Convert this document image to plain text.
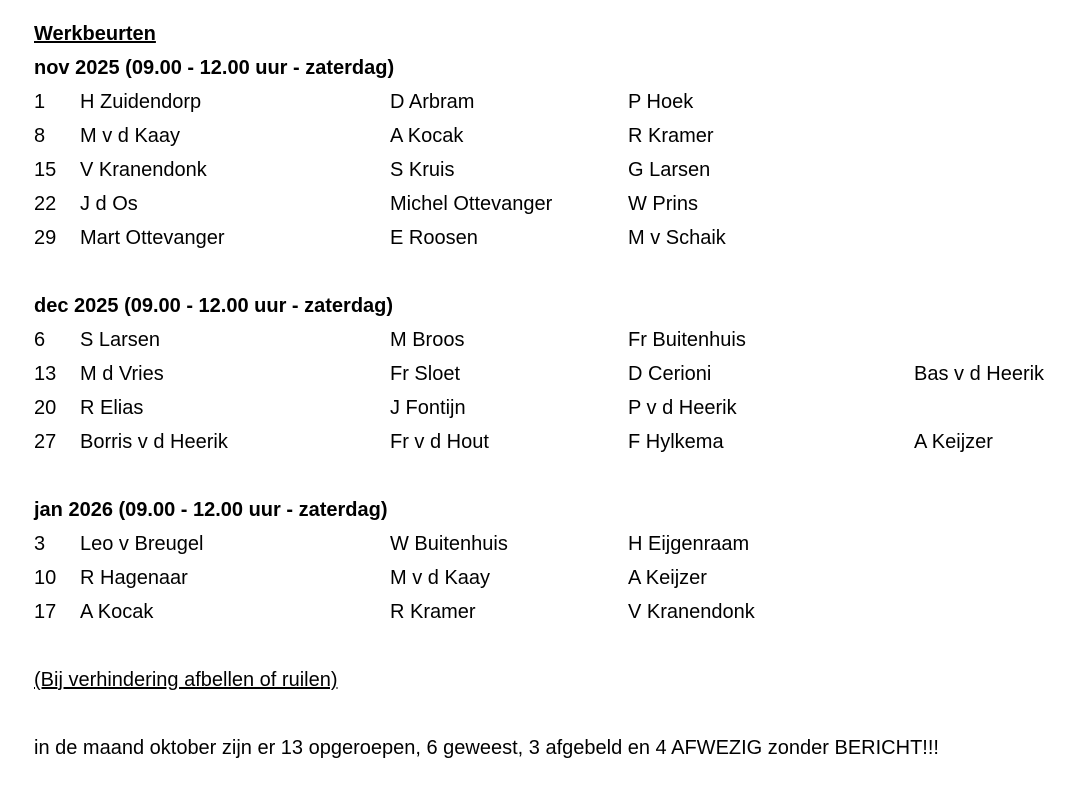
Werkbeurten
nov 2025 (09.00 - 12.00 uur - zaterdag)
1 H Zuidendorp	D Arbram	P Hoek
8 M v d Kaay	A Kocak	R Kramer
15 V Kranendonk	S Kruis	G Larsen
22 J d Os	Michel Ottevanger	W Prins
29 Mart Ottevanger	E Roosen	M v Schaik
dec 2025 (09.00 - 12.00 uur - zaterdag)
6 S Larsen	M Broos	Fr Buitenhuis
13 M d Vries	Fr Sloet	D Cerioni	Bas v d Heerik
20 R Elias	J Fontijn	P v d Heerik
27 Borris v d Heerik	Fr v d Hout	F Hylkema	A Keijzer
jan 2026 (09.00 - 12.00 uur - zaterdag)
3 Leo v Breugel	W Buitenhuis	H Eijgenraam
10 R Hagenaar	M v d Kaay	A Keijzer
17 A Kocak	R Kramer	V Kranendonk
(Bij verhindering afbellen of ruilen)
in de maand oktober zijn er 13 opgeroepen, 6 geweest, 3 afgebeld en 4 AFWEZIG zonder BERICHT!!!
